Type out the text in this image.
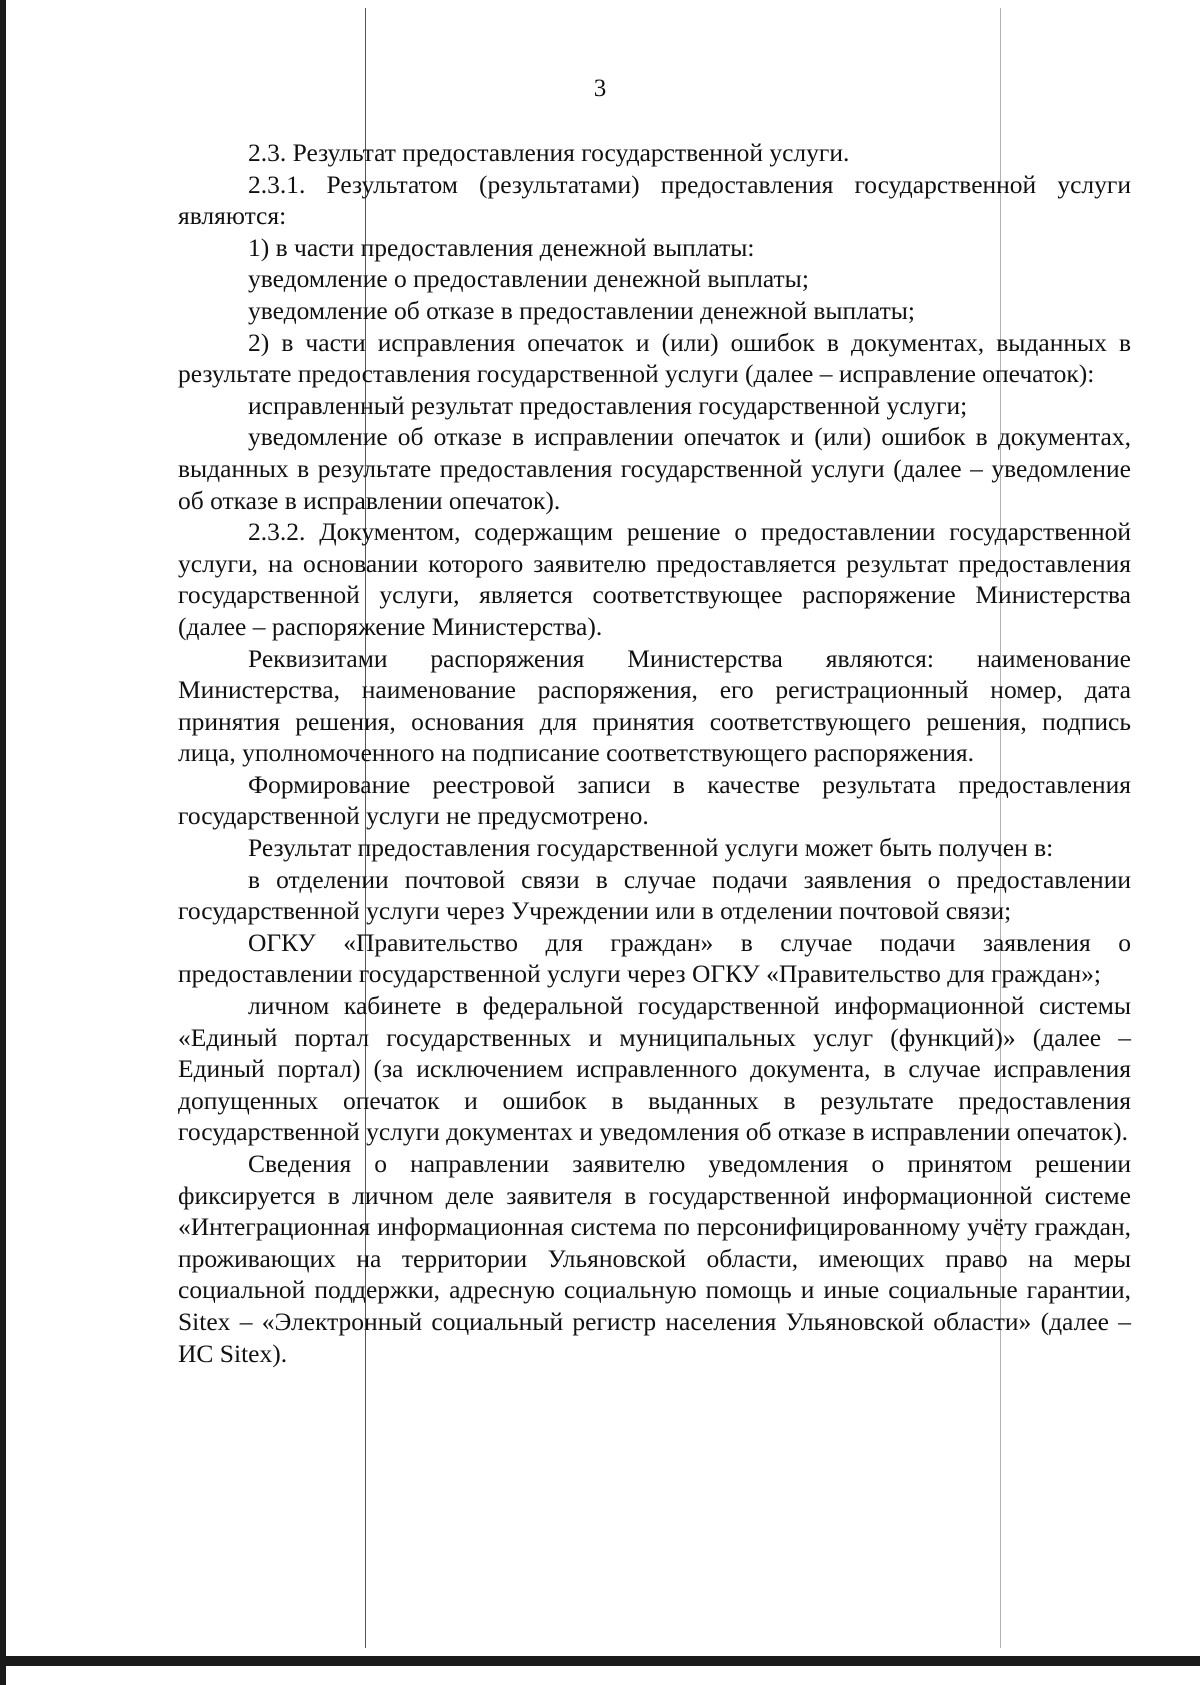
3

2.3. Результат предоставления государственной услуги.

2.3.1. Результатом (результатами) предоставления государственной услуги являются:

1) в части предоставления денежной выплаты:

уведомление о предоставлении денежной выплаты;

уведомление об отказе в предоставлении денежной выплаты;

2) в части исправления опечаток и (или) ошибок в документах, выданных в результате предоставления государственной услуги (далее – исправление опечаток):

исправленный результат предоставления государственной услуги;

уведомление об отказе в исправлении опечаток и (или) ошибок в документах, выданных в результате предоставления государственной услуги (далее – уведомление об отказе в исправлении опечаток).

2.3.2. Документом, содержащим решение о предоставлении государственной услуги, на основании которого заявителю предоставляется результат предоставления государственной услуги, является соответствующее распоряжение Министерства (далее – распоряжение Министерства).

Реквизитами распоряжения Министерства являются: наименование Министерства, наименование распоряжения, его регистрационный номер, дата принятия решения, основания для принятия соответствующего решения, подпись лица, уполномоченного на подписание соответствующего распоряжения.

Формирование реестровой записи в качестве результата предоставления государственной услуги не предусмотрено.

Результат предоставления государственной услуги может быть получен в:

в отделении почтовой связи в случае подачи заявления о предоставлении государственной услуги через Учреждении или в отделении почтовой связи;

ОГКУ «Правительство для граждан» в случае подачи заявления о предоставлении государственной услуги через ОГКУ «Правительство для граждан»;

личном кабинете в федеральной государственной информационной системы «Единый портал государственных и муниципальных услуг (функций)» (далее – Единый портал) (за исключением исправленного документа, в случае исправления допущенных опечаток и ошибок в выданных в результате предоставления государственной услуги документах и уведомления об отказе в исправлении опечаток).

Сведения о направлении заявителю уведомления о принятом решении фиксируется в личном деле заявителя в государственной информационной системе «Интеграционная информационная система по персонифицированному учёту граждан, проживающих на территории Ульяновской области, имеющих право на меры социальной поддержки, адресную социальную помощь и иные социальные гарантии, Sitex – «Электронный социальный регистр населения Ульяновской области» (далее – ИС Sitex).
